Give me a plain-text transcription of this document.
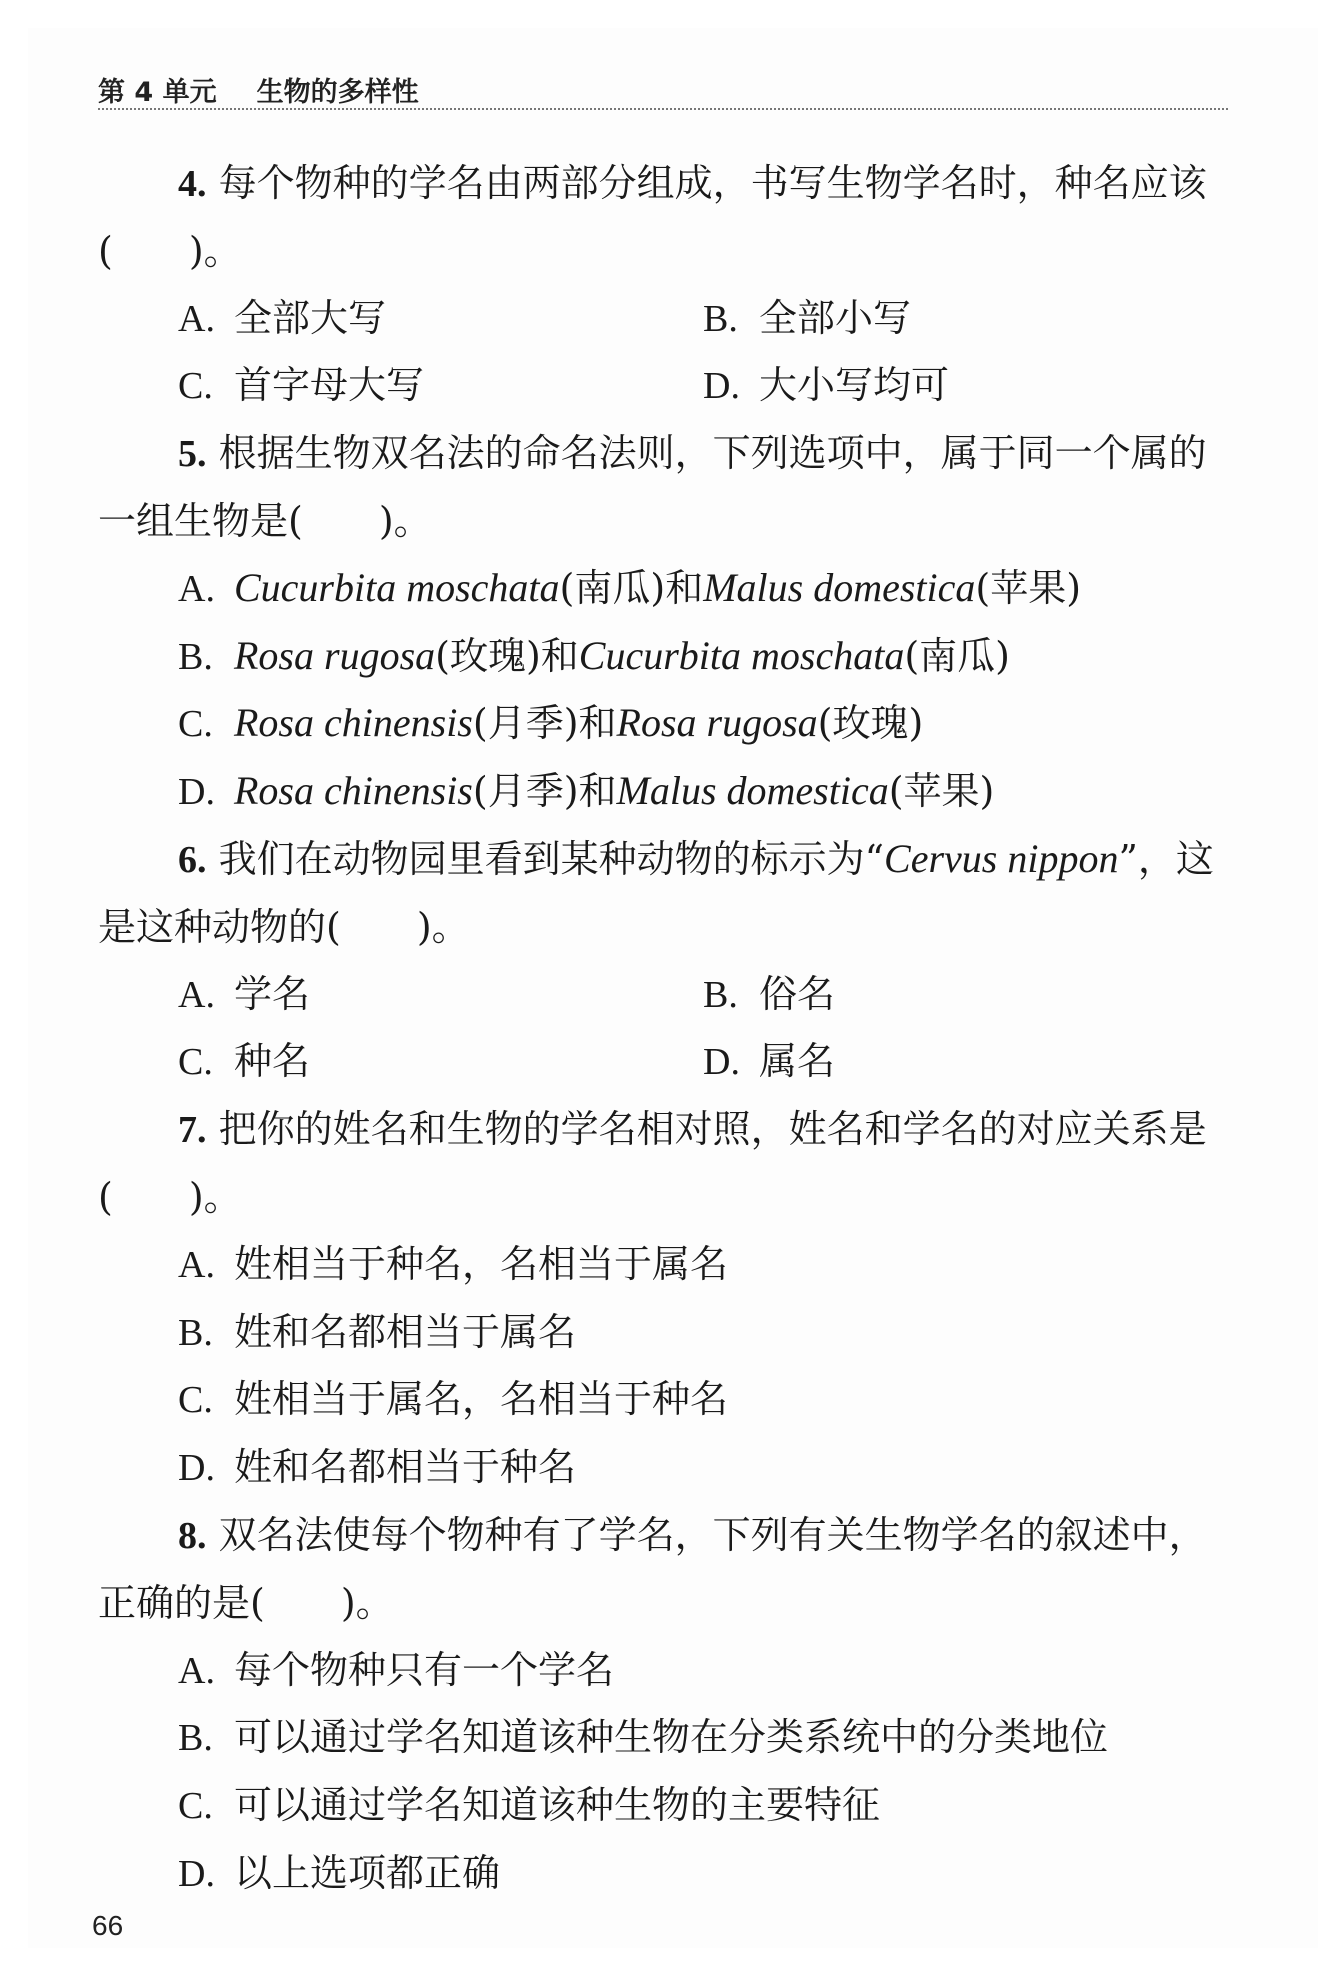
第 4 单元 生物的多样性

4. 每个物种的学名由两部分组成，书写生物学名时，种名应该(　　)。

A. 全部大写	B. 全部小写

C. 首字母大写	D. 大小写均可

5. 根据生物双名法的命名法则，下列选项中，属于同一个属的一组生物是(　　)。

A. Cucurbita moschata(南瓜)和Malus domestica(苹果)

B. Rosa rugosa(玫瑰)和Cucurbita moschata(南瓜)

C. Rosa chinensis(月季)和Rosa rugosa(玫瑰)

D. Rosa chinensis(月季)和Malus domestica(苹果)

6. 我们在动物园里看到某种动物的标示为“Cervus nippon”，这是这种动物的(　　)。

A. 学名	B. 俗名

C. 种名	D. 属名

7. 把你的姓名和生物的学名相对照，姓名和学名的对应关系是(　　)。

A. 姓相当于种名，名相当于属名

B. 姓和名都相当于属名

C. 姓相当于属名，名相当于种名

D. 姓和名都相当于种名

8. 双名法使每个物种有了学名，下列有关生物学名的叙述中，正确的是(　　)。

A. 每个物种只有一个学名

B. 可以通过学名知道该种生物在分类系统中的分类地位

C. 可以通过学名知道该种生物的主要特征

D. 以上选项都正确

66
